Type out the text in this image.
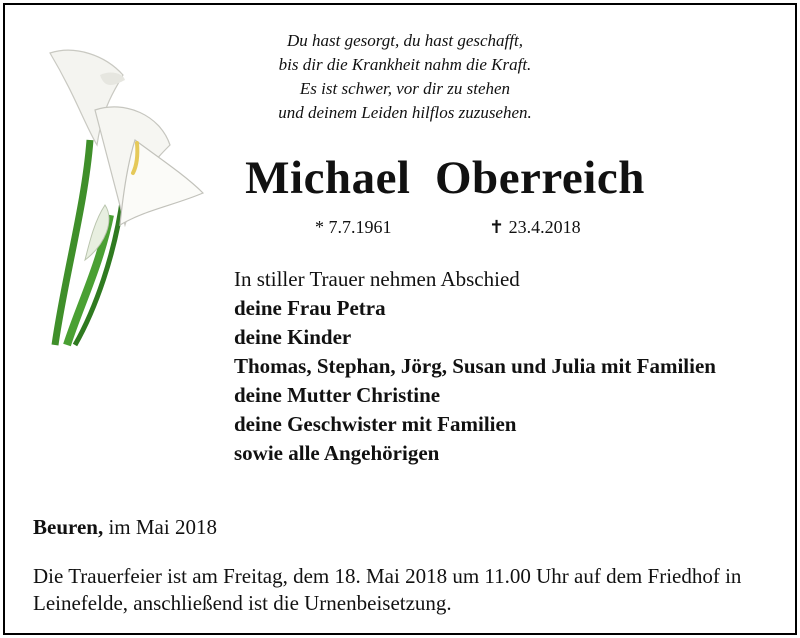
Du hast gesorgt, du hast geschafft,
bis dir die Krankheit nahm die Kraft.
Es ist schwer, vor dir zu stehen
und deinem Leiden hilflos zuzusehen.
Michael  Oberreich
* 7.7.1961	✝ 23.4.2018
In stiller Trauer nehmen Abschied
deine Frau Petra
deine Kinder
Thomas, Stephan, Jörg, Susan und Julia mit Familien
deine Mutter Christine
deine Geschwister mit Familien
sowie alle Angehörigen
Beuren, im Mai 2018
Die Trauerfeier ist am Freitag, dem 18. Mai 2018 um 11.00 Uhr auf dem Friedhof in Leinefelde, anschließend ist die Urnenbeisetzung.
